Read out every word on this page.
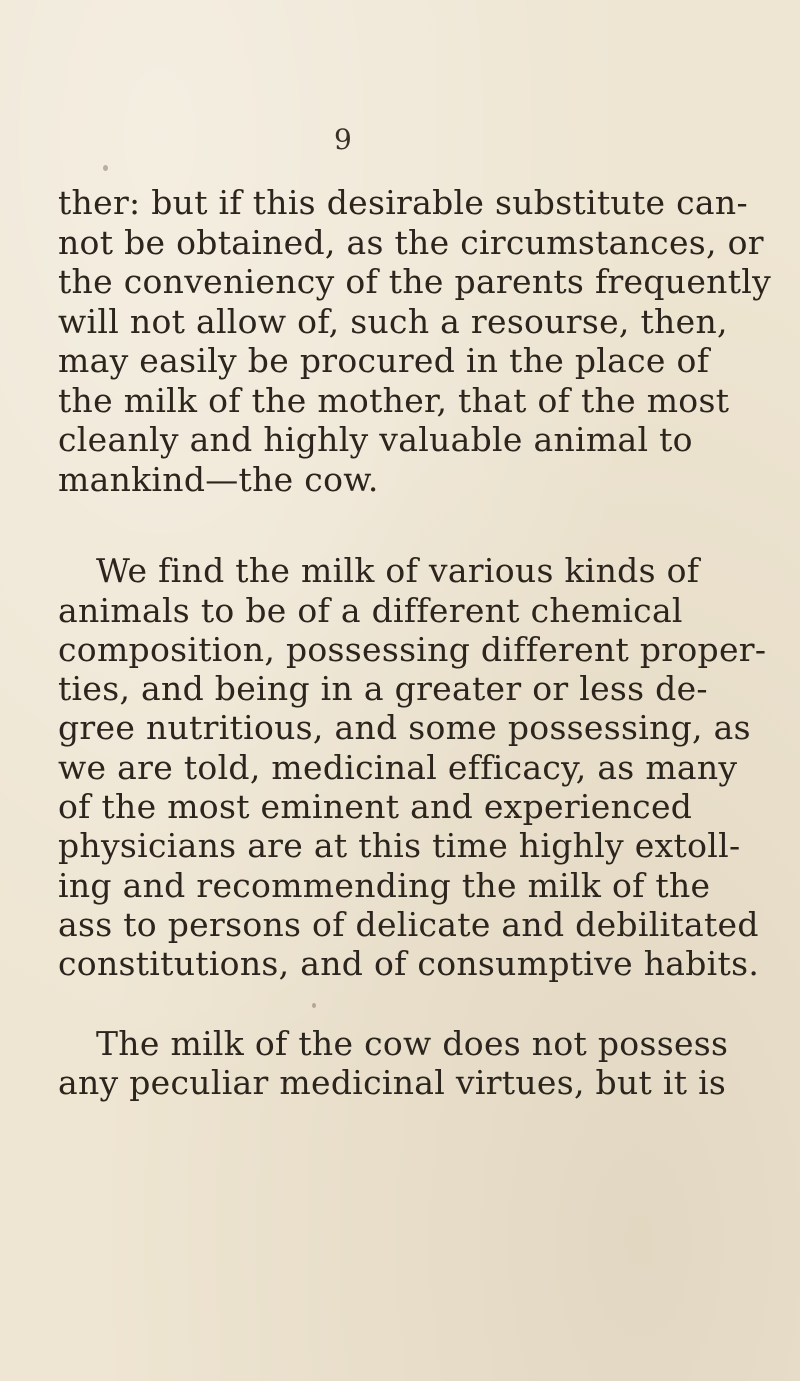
9
ther: but if this desirable substitute can-
not be obtained, as the circumstances, or
the conveniency of the parents frequently
will not allow of, such a resourse, then,
may easily be procured in the place of
the milk of the mother, that of the most
cleanly and highly valuable animal to
mankind—the cow.
We find the milk of various kinds of
animals to be of a different chemical
composition, possessing different proper-
ties, and being in a greater or less de-
gree nutritious, and some possessing, as
we are told, medicinal efficacy, as many
of the most eminent and experienced
physicians are at this time highly extoll-
ing and recommending the milk of the
ass to persons of delicate and debilitated
constitutions, and of consumptive habits.
The milk of the cow does not possess
any peculiar medicinal virtues, but it is
